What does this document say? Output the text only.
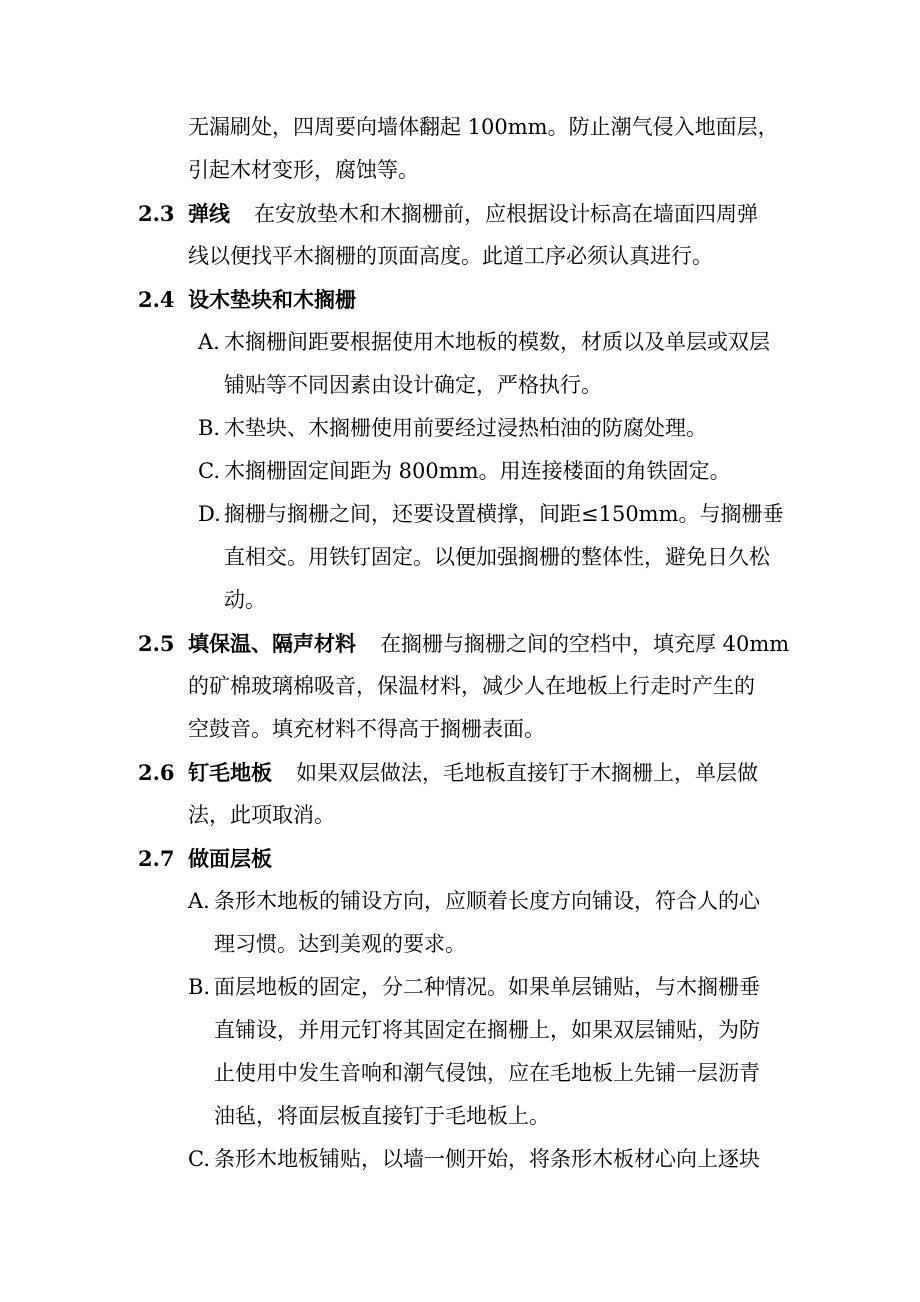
无漏刷处，四周要向墙体翻起 100mm。防止潮气侵入地面层，
引起木材变形，腐蚀等。
2.3 弹线 在安放垫木和木搁栅前，应根据设计标高在墙面四周弹
线以便找平木搁栅的顶面高度。此道工序必须认真进行。
2.4 设木垫块和木搁栅
A. 木搁栅间距要根据使用木地板的模数，材质以及单层或双层
铺贴等不同因素由设计确定，严格执行。
B. 木垫块、木搁栅使用前要经过浸热柏油的防腐处理。
C. 木搁栅固定间距为 800mm。用连接楼面的角铁固定。
D. 搁栅与搁栅之间，还要设置横撑，间距≤150mm。与搁栅垂
直相交。用铁钉固定。以便加强搁栅的整体性，避免日久松
动。
2.5 填保温、隔声材料 在搁栅与搁栅之间的空档中，填充厚 40mm
的矿棉玻璃棉吸音，保温材料，减少人在地板上行走时产生的
空鼓音。填充材料不得高于搁栅表面。
2.6 钉毛地板 如果双层做法，毛地板直接钉于木搁栅上，单层做
法，此项取消。
2.7 做面层板
A. 条形木地板的铺设方向，应顺着长度方向铺设，符合人的心
理习惯。达到美观的要求。
B. 面层地板的固定，分二种情况。如果单层铺贴，与木搁栅垂
直铺设，并用元钉将其固定在搁栅上，如果双层铺贴，为防
止使用中发生音响和潮气侵蚀，应在毛地板上先铺一层沥青
油毡，将面层板直接钉于毛地板上。
C. 条形木地板铺贴，以墙一侧开始，将条形木板材心向上逐块
